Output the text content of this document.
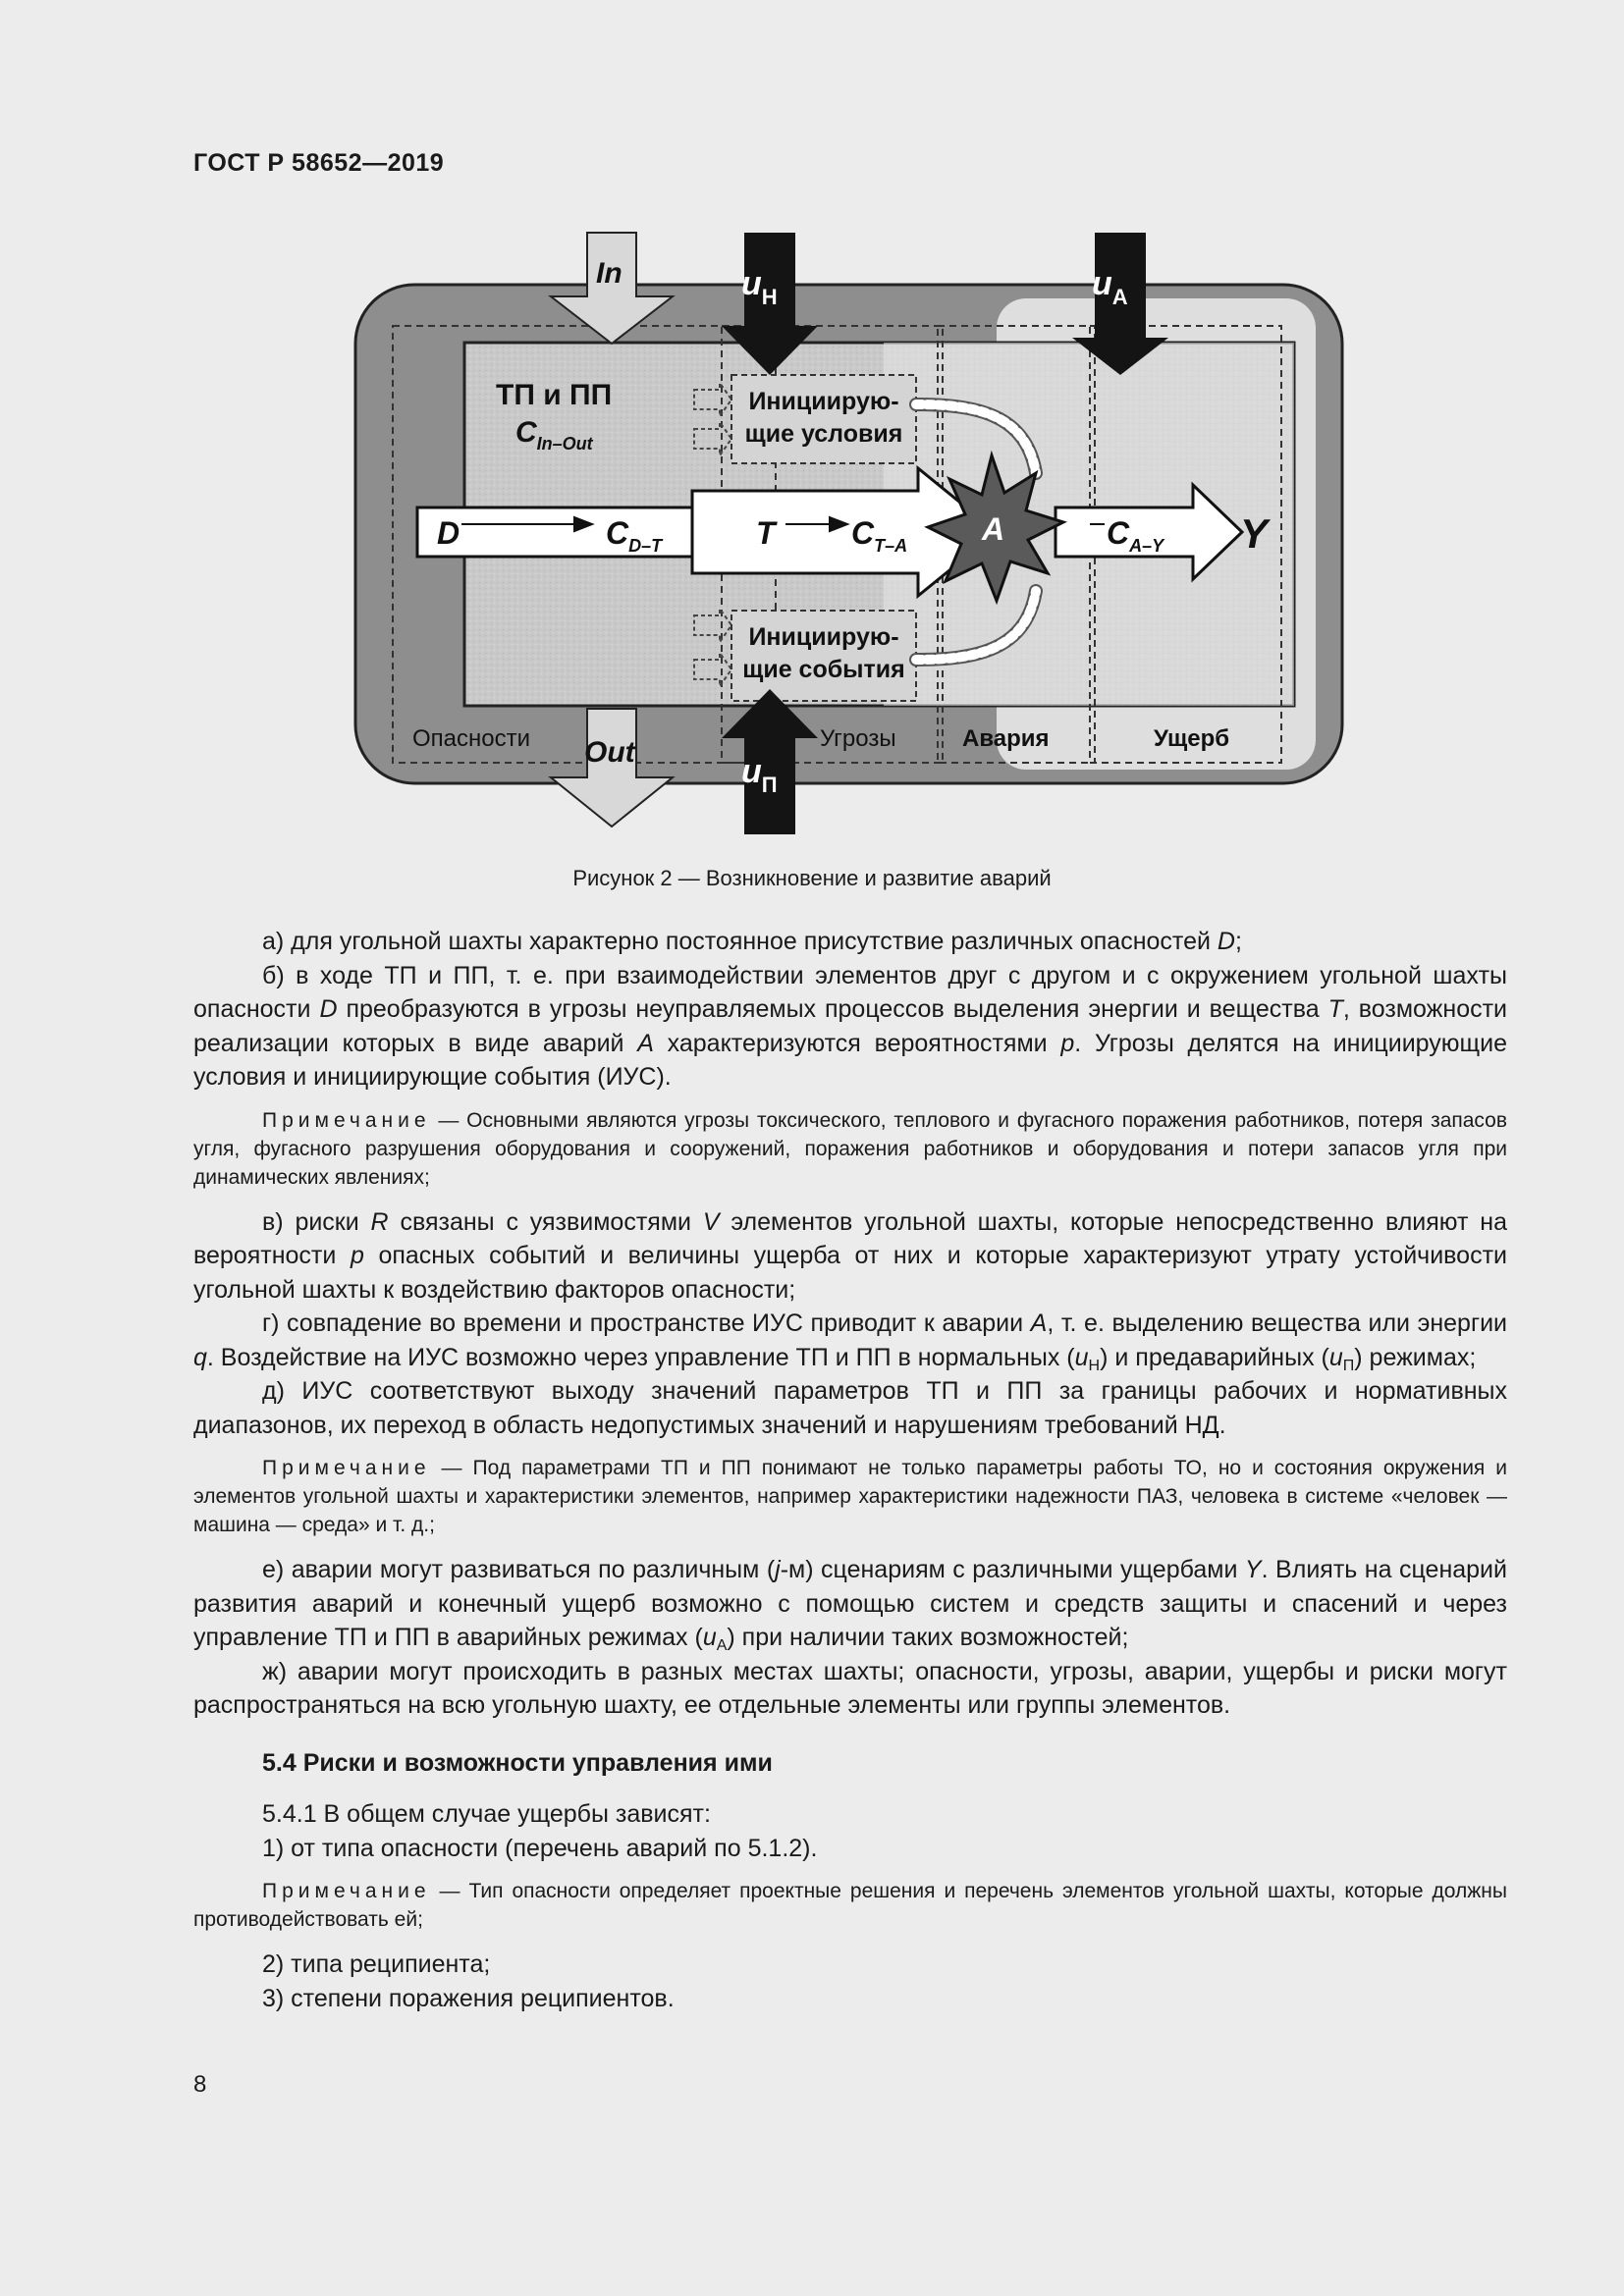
ГОСТ Р 58652—2019
In
Out
$u_Н$	$u_А$
$u_П$
ТП и ПП
$C_{In-Out}$
Инициирую-
щие условия
Инициирую-
щие события
D	$C_{D-T}$	T $C_{T-A}$	$C_{A-Y}$ Y
A
Опасности	Угрозы	Авария	Ущерб
Рисунок 2 — Возникновение и развитие аварий

а) для угольной шахты характерно постоянное присутствие различных опасностей D;

б) в ходе ТП и ПП, т. е. при взаимодействии элементов друг с другом и с окружением угольной шахты опасности D преобразуются в угрозы неуправляемых процессов выделения энергии и вещества T, возможности реализации которых в виде аварий A характеризуются вероятностями p. Угрозы делятся на инициирующие условия и инициирующие события (ИУС).

Примечание — Основными являются угрозы токсического, теплового и фугасного поражения работников, потеря запасов угля, фугасного разрушения оборудования и сооружений, поражения работников и оборудования и потери запасов угля при динамических явлениях;

в) риски R связаны с уязвимостями V элементов угольной шахты, которые непосредственно влияют на вероятности p опасных событий и величины ущерба от них и которые характеризуют утрату устойчивости угольной шахты к воздействию факторов опасности;

г) совпадение во времени и пространстве ИУС приводит к аварии A, т. е. выделению вещества или энергии q. Воздействие на ИУС возможно через управление ТП и ПП в нормальных $(u_Н)$ и предаварийных $(u_П)$ режимах;

д) ИУС соответствуют выходу значений параметров ТП и ПП за границы рабочих и нормативных диапазонов, их переход в область недопустимых значений и нарушениям требований НД.

Примечание — Под параметрами ТП и ПП понимают не только параметры работы ТО, но и состояния окружения и элементов угольной шахты и характеристики элементов, например характеристики надежности ПАЗ, человека в системе «человек — машина — среда» и т. д.;

е) аварии могут развиваться по различным (j-м) сценариям с различными ущербами Y. Влиять на сценарий развития аварий и конечный ущерб возможно с помощью систем и средств защиты и спасений и через управление ТП и ПП в аварийных режимах $(u_А)$ при наличии таких возможностей;

ж) аварии могут происходить в разных местах шахты; опасности, угрозы, аварии, ущербы и риски могут распространяться на всю угольную шахту, ее отдельные элементы или группы элементов.

5.4 Риски и возможности управления ими

5.4.1 В общем случае ущербы зависят:

1) от типа опасности (перечень аварий по 5.1.2).

Примечание — Тип опасности определяет проектные решения и перечень элементов угольной шахты, которые должны противодействовать ей;

2) типа реципиента;

3) степени поражения реципиентов.

8
